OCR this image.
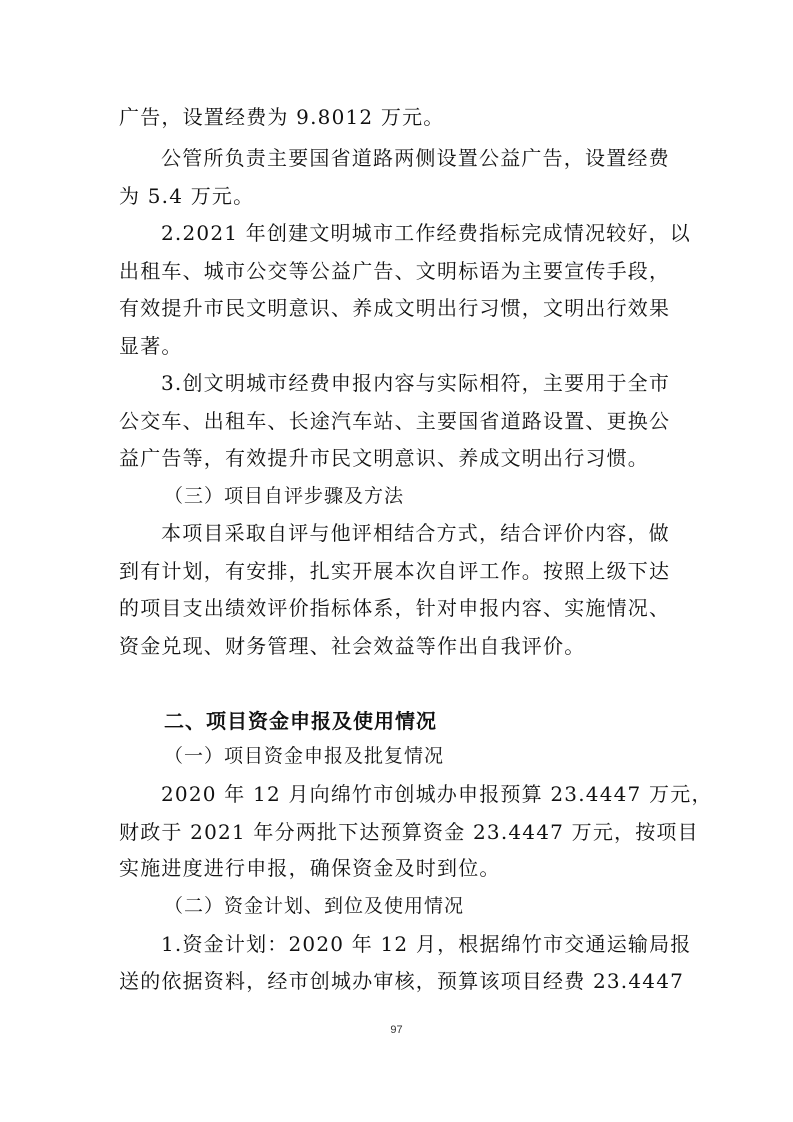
广告，设置经费为 9.8012 万元。
公管所负责主要国省道路两侧设置公益广告，设置经费
为 5.4 万元。
2.2021 年创建文明城市工作经费指标完成情况较好，以
出租车、城市公交等公益广告、文明标语为主要宣传手段，
有效提升市民文明意识、养成文明出行习惯，文明出行效果
显著。
3.创文明城市经费申报内容与实际相符，主要用于全市
公交车、出租车、长途汽车站、主要国省道路设置、更换公
益广告等，有效提升市民文明意识、养成文明出行习惯。
（三）项目自评步骤及方法
本项目采取自评与他评相结合方式，结合评价内容，做
到有计划，有安排，扎实开展本次自评工作。按照上级下达
的项目支出绩效评价指标体系，针对申报内容、实施情况、
资金兑现、财务管理、社会效益等作出自我评价。
二、项目资金申报及使用情况
（一）项目资金申报及批复情况
2020 年 12 月向绵竹市创城办申报预算 23.4447 万元，
财政于 2021 年分两批下达预算资金 23.4447 万元，按项目
实施进度进行申报，确保资金及时到位。
（二）资金计划、到位及使用情况
1.资金计划：2020 年 12 月，根据绵竹市交通运输局报
送的依据资料，经市创城办审核，预算该项目经费 23.4447
97
